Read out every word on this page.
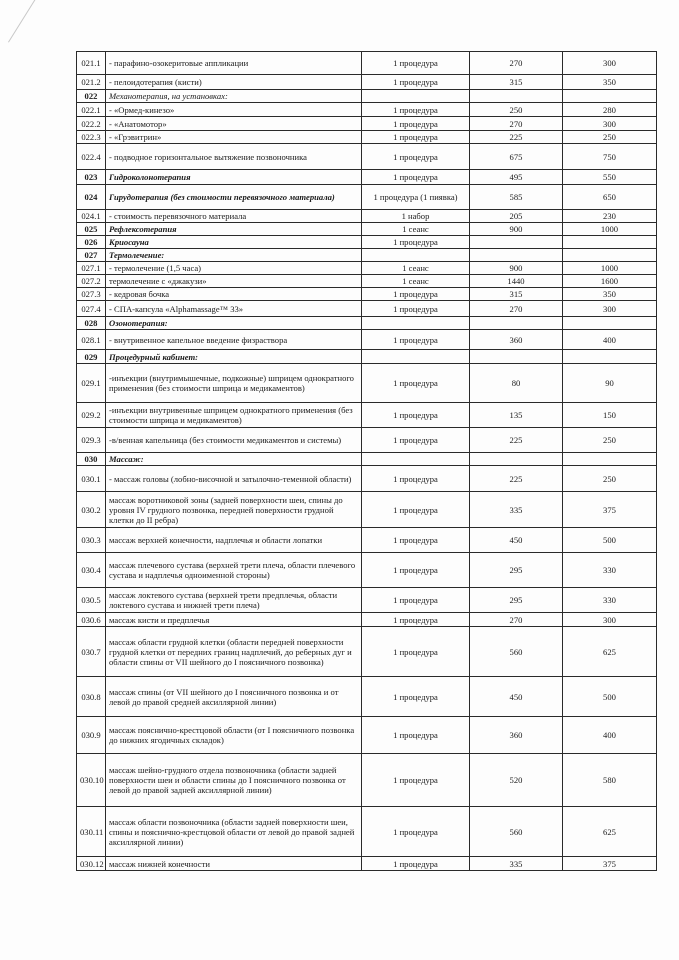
021.1	- парафино-озокеритовые аппликации	1 процедура	270	300
021.2	- пелоидотерапия (кисти)	1 процедура	315	350
022	Механотерапия, на установках:			
022.1	- «Ормед-кинезо»	1 процедура	250	280
022.2	- «Анатомотор»	1 процедура	270	300
022.3	- «Грэвитрин»	1 процедура	225	250
022.4	- подводное горизонтальное вытяжение позвоночника	1 процедура	675	750
023	Гидроколонотерапия	1 процедура	495	550
024	Гирудотерапия (без стоимости перевязочного материала)	1 процедура (1 пиявка)	585	650
024.1	- стоимость перевязочного материала	1 набор	205	230
025	Рефлексотерапия	1 сеанс	900	1000
026	Криосауна	1 процедура		
027	Термолечение:			
027.1	- термолечение (1,5 часа)	1 сеанс	900	1000
027.2	термолечение с «джакузи»	1 сеанс	1440	1600
027.3	- кедровая бочка	1 процедура	315	350
027.4	- СПА-капсула «Alphamassage™ 33»	1 процедура	270	300
028	Озонотерапия:			
028.1	- внутривенное капельное введение физраствора	1 процедура	360	400
029	Процедурный кабинет:			
029.1	-инъекции (внутримышечные, подкожные) шприцем однократного применения (без стоимости шприца и медикаментов)	1 процедура	80	90
029.2	-инъекции внутривенные шприцем однократного применения (без стоимости шприца и медикаментов)	1 процедура	135	150
029.3	-в/венная капельница (без стоимости медикаментов и системы)	1 процедура	225	250
030	Массаж:			
030.1	- массаж головы (лобно-височной и затылочно-теменной области)	1 процедура	225	250
030.2	массаж воротниковой зоны (задней поверхности шеи, спины до уровня IV грудного позвонка, передней поверхности грудной клетки до II ребра)	1 процедура	335	375
030.3	массаж верхней конечности, надплечья и области лопатки	1 процедура	450	500
030.4	массаж плечевого сустава (верхней трети плеча, области плечевого сустава и надплечья одноименной стороны)	1 процедура	295	330
030.5	массаж локтевого сустава (верхней трети предплечья, области локтевого сустава и нижней трети плеча)	1 процедура	295	330
030.6	массаж кисти и предплечья	1 процедура	270	300
030.7	массаж области грудной клетки (области передней поверхности грудной клетки от передних границ надплечий, до реберных дуг и области спины от VII шейного до I поясничного позвонка)	1 процедура	560	625
030.8	массаж спины (от VII шейного до I поясничного позвонка и от левой до правой средней аксиллярной линии)	1 процедура	450	500
030.9	массаж пояснично-крестцовой области (от I поясничного позвонка до нижних ягодичных складок)	1 процедура	360	400
030.10	массаж шейно-грудного отдела позвоночника (области задней поверхности шеи и области спины до I поясничного позвонка от левой до правой задней аксиллярной линии)	1 процедура	520	580
030.11	массаж области позвоночника (области задней поверхности шеи, спины и пояснично-крестцовой области от левой до правой задней аксиллярной линии)	1 процедура	560	625
030.12	массаж нижней конечности	1 процедура	335	375
